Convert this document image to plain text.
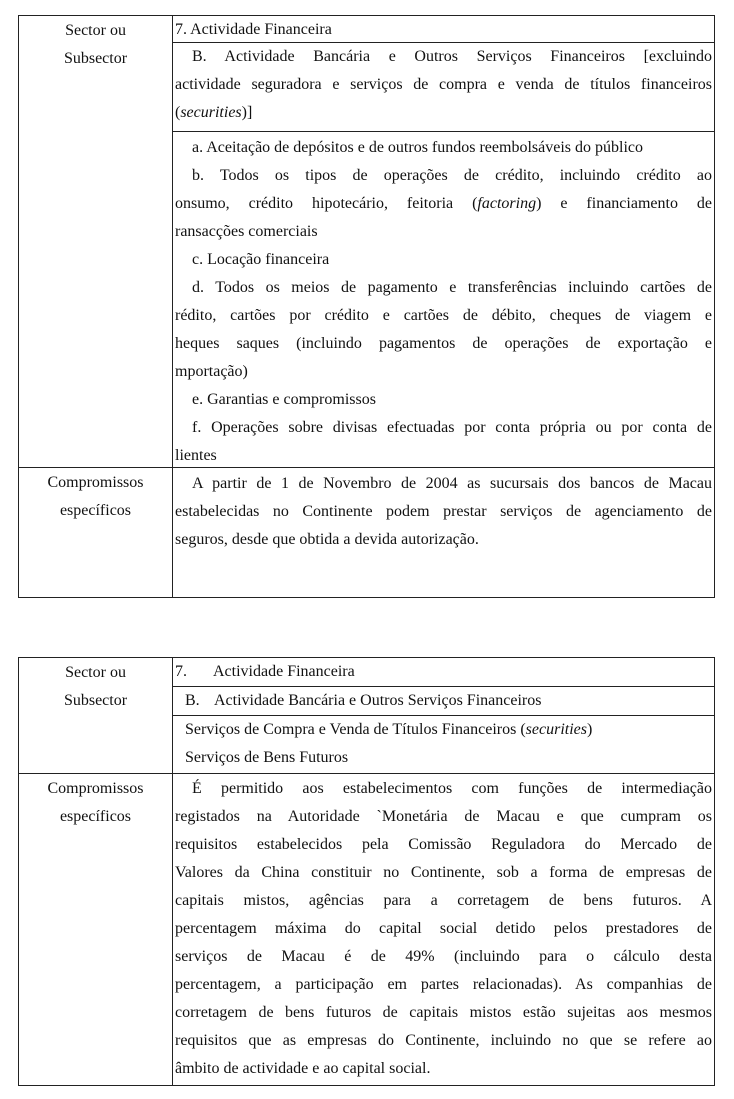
Sector ou
Subsector
Compromissos
específicos
7. Actividade Financeira
B. Actividade Bancária e Outros Serviços Financeiros [excluindo
actividade seguradora e serviços de compra e venda de títulos financeiros
(securities)]
a. Aceitação de depósitos e de outros fundos reembolsáveis do público
b. Todos os tipos de operações de crédito, incluindo crédito ao
onsumo, crédito hipotecário, feitoria (factoring) e financiamento de
ransacções comerciais
c. Locação financeira
d. Todos os meios de pagamento e transferências incluindo cartões de
rédito, cartões por crédito e cartões de débito, cheques de viagem e
heques saques (incluindo pagamentos de operações de exportação e
mportação)
e. Garantias e compromissos
f. Operações sobre divisas efectuadas por conta própria ou por conta de
lientes
A partir de 1 de Novembro de 2004 as sucursais dos bancos de Macau
estabelecidas no Continente podem prestar serviços de agenciamento de
seguros, desde que obtida a devida autorização.
Sector ou
Subsector
Compromissos
específicos
7. Actividade Financeira
B. Actividade Bancária e Outros Serviços Financeiros
Serviços de Compra e Venda de Títulos Financeiros (securities)
Serviços de Bens Futuros
É permitido aos estabelecimentos com funções de intermediação
registados na Autoridade `Monetária de Macau e que cumpram os
requisitos estabelecidos pela Comissão Reguladora do Mercado de
Valores da China constituir no Continente, sob a forma de empresas de
capitais mistos, agências para a corretagem de bens futuros. A
percentagem máxima do capital social detido pelos prestadores de
serviços de Macau é de 49% (incluindo para o cálculo desta
percentagem, a participação em partes relacionadas). As companhias de
corretagem de bens futuros de capitais mistos estão sujeitas aos mesmos
requisitos que as empresas do Continente, incluindo no que se refere ao
âmbito de actividade e ao capital social.
